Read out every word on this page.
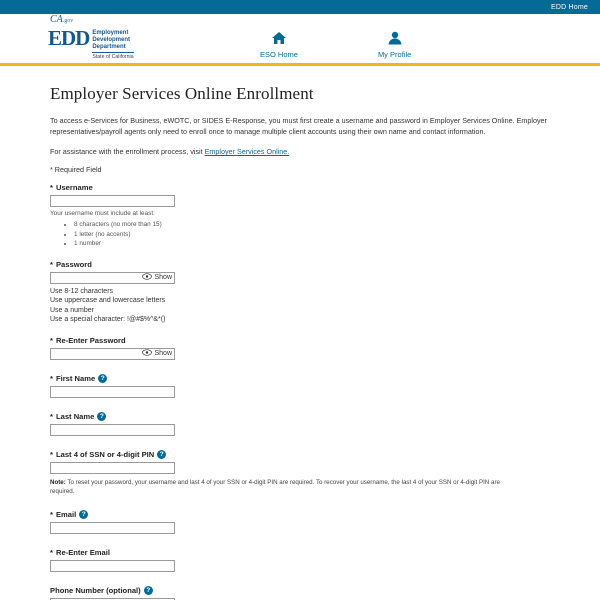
EDD Home
CA.gov
EDD Employment
Development
Department
State of California	ESO Home	My Profile
Employer Services Online Enrollment

To access e-Services for Business, eWOTC, or SIDES E-Response, you must first create a username and password in Employer Services Online. Employer representatives/payroll agents only need to enroll once to manage multiple client accounts using their own name and contact information.

For assistance with the enrollment process, visit Employer Services Online.

* Required Field

* Username

Your username must include at least:

• 8 characters (no more than 15)
• 1 letter (no accents)
• 1 number
* Password
Show
Use 8-12 characters
Use uppercase and lowercase letters
Use a number
Use a special character: !@#$%^&*()
* Re-Enter Password
Show
* First Name ?
* Last Name ?
* Last 4 of SSN or 4-digit PIN ?

Note: To reset your password, your username and last 4 of your SSN or 4-digit PIN are required. To recover your username, the last 4 of your SSN or 4-digit PIN are required.

* Email ?
* Re-Enter Email
Phone Number (optional) ?
